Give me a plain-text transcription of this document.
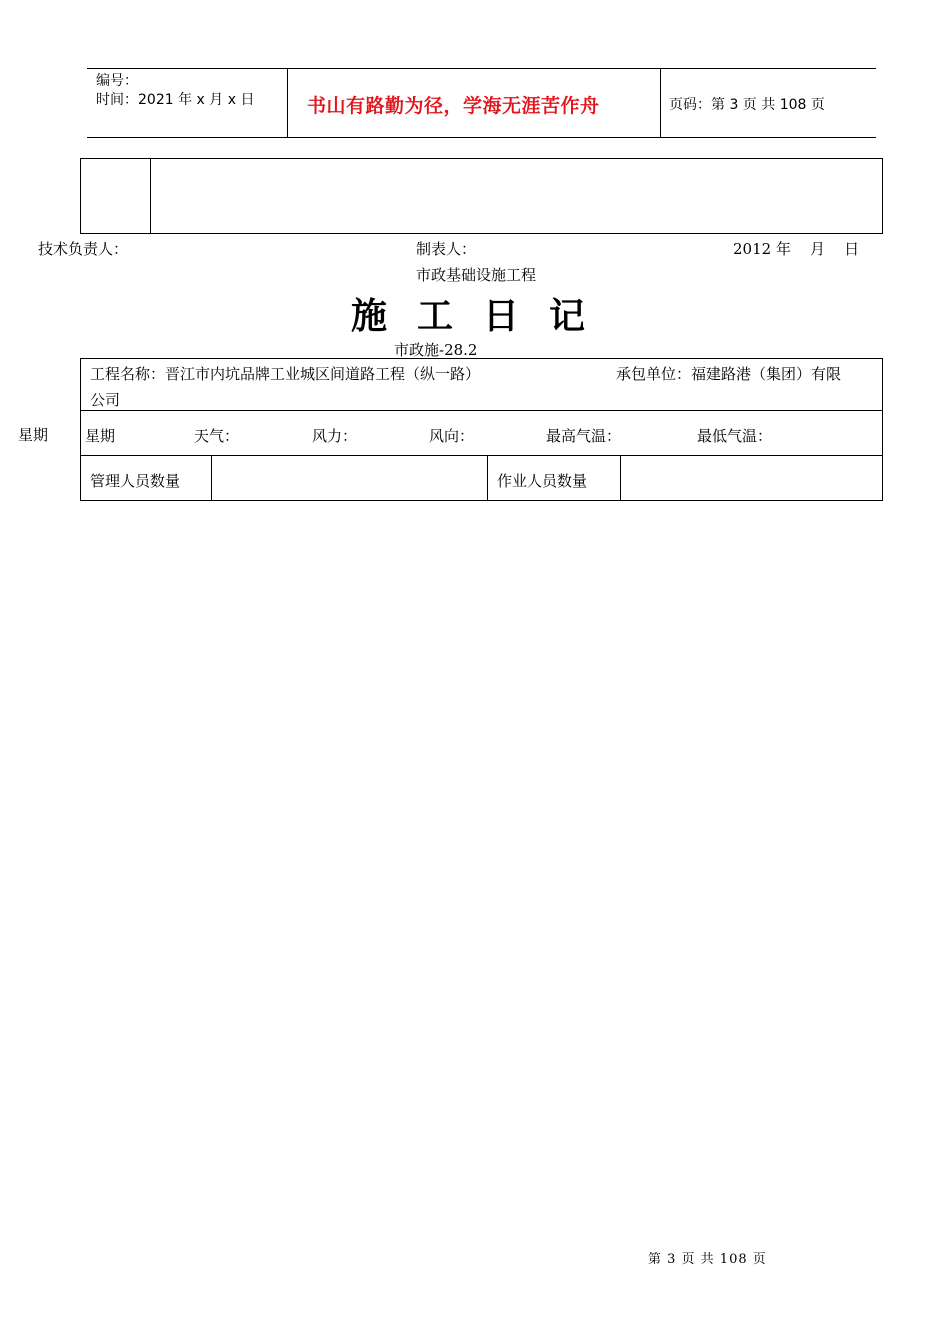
编号：
时间：2021 年 x 月 x 日	书山有路勤为径，学海无涯苦作舟	页码：第 3 页 共 108 页
技术负责人：	制表人：	2012 年    月    日
市政基础设施工程
施工日记
市政施-28.2
工程名称：晋江市内坑品牌工业城区间道路工程（纵一路）	承包单位：福建路港（集团）有限
公司
星期	天气：	风力：	风向：	最高气温：	最低气温：
管理人员数量	作业人员数量
星期
第 3 页 共 108 页
